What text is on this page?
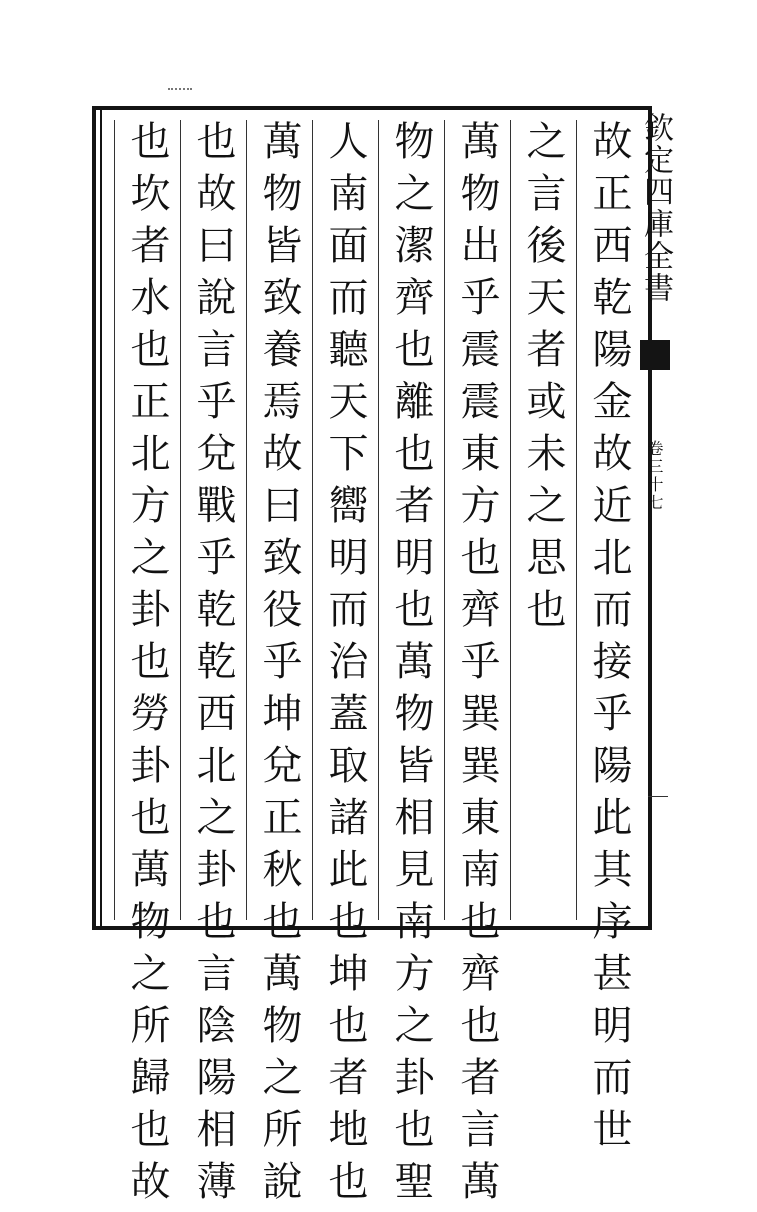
欽定四庫全書
卷三十七
故正西乾陽金故近北而接乎陽此其序甚明而世
之言後天者或未之思也
萬物出乎震震東方也齊乎巽巽東南也齊也者言萬
物之潔齊也離也者明也萬物皆相見南方之卦也聖
人南面而聽天下嚮明而治蓋取諸此也坤也者地也
萬物皆致養焉故曰致役乎坤兌正秋也萬物之所說
也故曰說言乎兌戰乎乾乾西北之卦也言陰陽相薄
也坎者水也正北方之卦也勞卦也萬物之所歸也故
